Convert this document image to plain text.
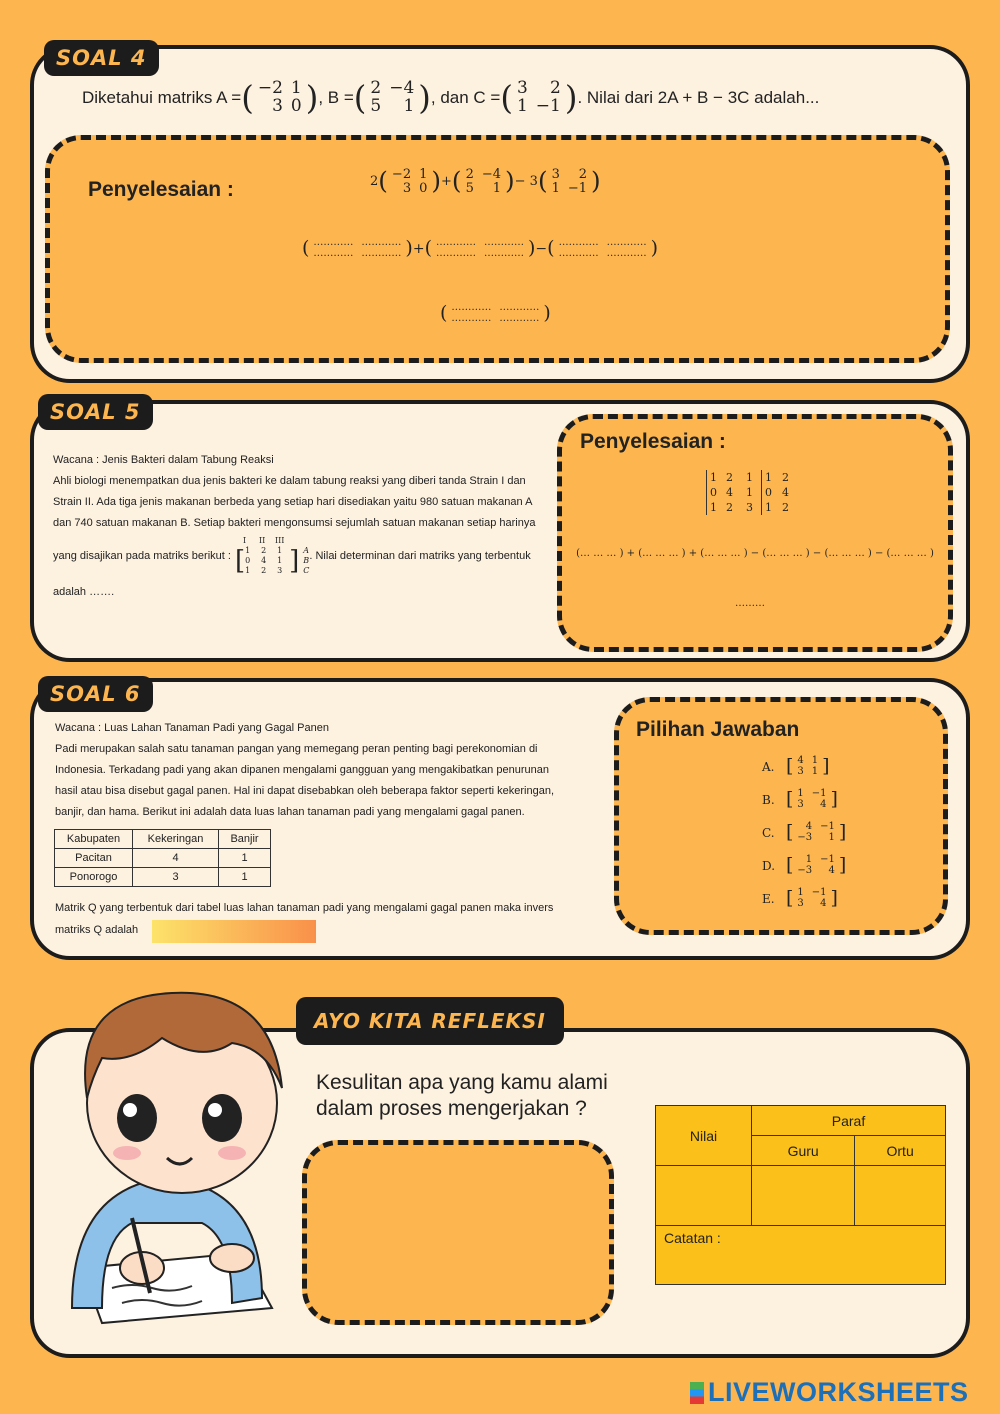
SOAL 4
Diketahui matriks A = ( −2	1
3	0 ) , B = ( 2	−4
5	1 ) , dan C = ( 3	2
1	−1 ) . Nilai dari 2A + B − 3C adalah...
Penyelesaian :	2 ( −2	1
3	0 ) + ( 2	−4
5	1 ) − 3 ( 3	2
1	−1 )
( …………	…………
…………	………… ) + ( …………	…………
…………	………… ) − ( …………	…………
…………	………… )
( …………	…………
…………	………… )
SOAL 5
Wacana : Jenis Bakteri dalam Tabung Reaksi
Ahli biologi menempatkan dua jenis bakteri ke dalam tabung reaksi yang diberi tanda Strain I dan
Strain II. Ada tiga jenis makanan berbeda yang setiap hari disediakan yaitu 980 satuan makanan A
dan 740 satuan makanan B. Setiap bakteri mengonsumsi sejumlah satuan makanan setiap harinya
yang disajikan pada matriks berikut :
I	II	III
[ 1	2	1
0	4	1
1	2	3 ] A
B
C
. Nilai determinan dari matriks yang terbentuk
adalah …….
Penyelesaian :
1 2	1	1 2
0 4	1	0 4
1 2	3	1 2
(… … … ) + (… … … ) + (… … … ) − (… … … ) − (… … … ) − (… … … )
………
SOAL 6
Wacana : Luas Lahan Tanaman Padi yang Gagal Panen
Padi merupakan salah satu tanaman pangan yang memegang peran penting bagi perekonomian di
Indonesia. Terkadang padi yang akan dipanen mengalami gangguan yang mengakibatkan penurunan
hasil atau bisa disebut gagal panen. Hal ini dapat disebabkan oleh beberapa faktor seperti kekeringan,
banjir, dan hama. Berikut ini adalah data luas lahan tanaman padi yang mengalami gagal panen.
Kabupaten	Kekeringan	Banjir
Pacitan	4	1
Ponorogo	3	1
Matrik Q yang terbentuk dari tabel luas lahan tanaman padi yang mengalami gagal panen maka invers
matriks Q adalah
Pilihan Jawaban
A. [ 4	1
3	1 ]
B. [ 1	−1
3	4 ]
C. [ 4	−1
−3	1 ]
D. [ 1	−1
−3	4 ]
E. [ 1	−1
3	4 ]
AYO KITA REFLEKSI
Kesulitan apa yang kamu alami
dalam proses mengerjakan ?
Nilai	Paraf	
	Guru	Ortu

Catatan :		
LIVEWORKSHEETS
